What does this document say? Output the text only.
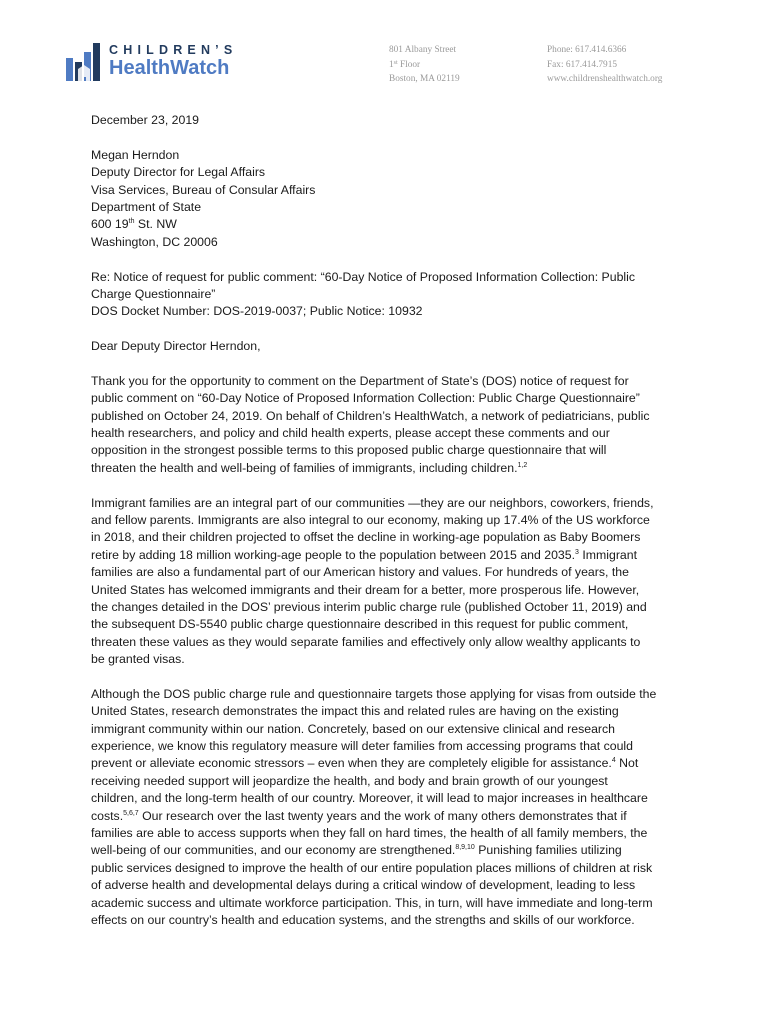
CHILDREN’S
HealthWatch
801 Albany Street
1st Floor
Boston, MA 02119
Phone: 617.414.6366
Fax: 617.414.7915
www.childrenshealthwatch.org
December 23, 2019
Megan Herndon
Deputy Director for Legal Affairs
Visa Services, Bureau of Consular Affairs
Department of State
600 19th St. NW
Washington, DC 20006
Re: Notice of request for public comment: “60-Day Notice of Proposed Information Collection: Public
Charge Questionnaire”
DOS Docket Number: DOS-2019-0037; Public Notice: 10932
Dear Deputy Director Herndon,
Thank you for the opportunity to comment on the Department of State’s (DOS) notice of request for
public comment on “60-Day Notice of Proposed Information Collection: Public Charge Questionnaire”
published on October 24, 2019. On behalf of Children’s HealthWatch, a network of pediatricians, public
health researchers, and policy and child health experts, please accept these comments and our
opposition in the strongest possible terms to this proposed public charge questionnaire that will
threaten the health and well-being of families of immigrants, including children.$^{1,2}$
Immigrant families are an integral part of our communities —they are our neighbors, coworkers, friends,
and fellow parents. Immigrants are also integral to our economy, making up 17.4% of the US workforce
in 2018, and their children projected to offset the decline in working-age population as Baby Boomers
retire by adding 18 million working-age people to the population between 2015 and 2035.$^3$ Immigrant
families are also a fundamental part of our American history and values. For hundreds of years, the
United States has welcomed immigrants and their dream for a better, more prosperous life. However,
the changes detailed in the DOS’ previous interim public charge rule (published October 11, 2019) and
the subsequent DS-5540 public charge questionnaire described in this request for public comment,
threaten these values as they would separate families and effectively only allow wealthy applicants to
be granted visas.
Although the DOS public charge rule and questionnaire targets those applying for visas from outside the
United States, research demonstrates the impact this and related rules are having on the existing
immigrant community within our nation. Concretely, based on our extensive clinical and research
experience, we know this regulatory measure will deter families from accessing programs that could
prevent or alleviate economic stressors – even when they are completely eligible for assistance.$^4$ Not
receiving needed support will jeopardize the health, and body and brain growth of our youngest
children, and the long-term health of our country. Moreover, it will lead to major increases in healthcare
costs.$^{5,6,7}$ Our research over the last twenty years and the work of many others demonstrates that if
families are able to access supports when they fall on hard times, the health of all family members, the
well-being of our communities, and our economy are strengthened.$^{8,9,10}$ Punishing families utilizing
public services designed to improve the health of our entire population places millions of children at risk
of adverse health and developmental delays during a critical window of development, leading to less
academic success and ultimate workforce participation. This, in turn, will have immediate and long-term
effects on our country’s health and education systems, and the strengths and skills of our workforce.
